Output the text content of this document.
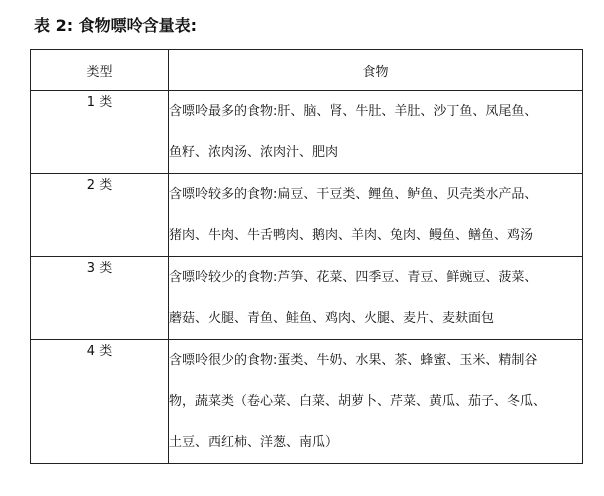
表 2: 食物嘌呤含量表:
类型	食物
1 类	含嘌呤最多的食物:肝、脑、肾、牛肚、羊肚、沙丁鱼、凤尾鱼、
鱼籽、浓肉汤、浓肉汁、肥肉

2 类	含嘌呤较多的食物:扁豆、干豆类、鲤鱼、鲈鱼、贝壳类水产品、
猪肉、牛肉、牛舌鸭肉、鹅肉、羊肉、兔肉、鳗鱼、鳝鱼、鸡汤

3 类	含嘌呤较少的食物:芦笋、花菜、四季豆、青豆、鲜豌豆、菠菜、
蘑菇、火腿、青鱼、鲑鱼、鸡肉、火腿、麦片、麦麸面包

4 类	含嘌呤很少的食物:蛋类、牛奶、水果、茶、蜂蜜、玉米、精制谷
物，蔬菜类（卷心菜、白菜、胡萝卜、芹菜、黄瓜、茄子、冬瓜、
土豆、西红柿、洋葱、南瓜）
